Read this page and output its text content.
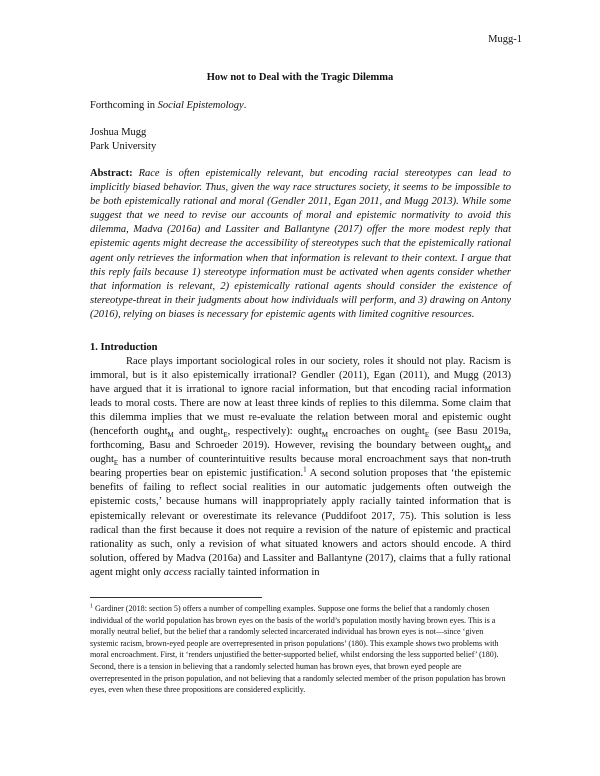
Mugg-1
How not to Deal with the Tragic Dilemma
Forthcoming in Social Epistemology.
Joshua Mugg
Park University
Abstract: Race is often epistemically relevant, but encoding racial stereotypes can lead to implicitly biased behavior. Thus, given the way race structures society, it seems to be impossible to be both epistemically rational and moral (Gendler 2011, Egan 2011, and Mugg 2013). While some suggest that we need to revise our accounts of moral and epistemic normativity to avoid this dilemma, Madva (2016a) and Lassiter and Ballantyne (2017) offer the more modest reply that epistemic agents might decrease the accessibility of stereotypes such that the epistemically rational agent only retrieves the information when that information is relevant to their context. I argue that this reply fails because 1) stereotype information must be activated when agents consider whether that information is relevant, 2) epistemically rational agents should consider the existence of stereotype-threat in their judgments about how individuals will perform, and 3) drawing on Antony (2016), relying on biases is necessary for epistemic agents with limited cognitive resources.
1. Introduction

Race plays important sociological roles in our society, roles it should not play. Racism is immoral, but is it also epistemically irrational? Gendler (2011), Egan (2011), and Mugg (2013) have argued that it is irrational to ignore racial information, but that encoding racial information leads to moral costs. There are now at least three kinds of replies to this dilemma. Some claim that this dilemma implies that we must re-evaluate the relation between moral and epistemic ought (henceforth ought$_M$ and ought$_E$, respectively): ought$_M$ encroaches on ought$_E$ (see Basu 2019a, forthcoming, Basu and Schroeder 2019). However, revising the boundary between ought$_M$ and ought$_E$ has a number of counterintuitive results because moral encroachment says that non-truth bearing properties bear on epistemic justification.$^1$ A second solution proposes that ‘the epistemic benefits of failing to reflect social realities in our automatic judgements often outweigh the epistemic costs,’ because humans will inappropriately apply racially tainted information that is epistemically relevant or overestimate its relevance (Puddifoot 2017, 75). This solution is less radical than the first because it does not require a revision of the nature of epistemic and practical rationality as such, only a revision of what situated knowers and actors should encode. A third solution, offered by Madva (2016a) and Lassiter and Ballantyne (2017), claims that a fully rational agent might only access racially tainted information in

$^1$ Gardiner (2018: section 5) offers a number of compelling examples. Suppose one forms the belief that a randomly chosen individual of the world population has brown eyes on the basis of the world’s population mostly having brown eyes. This is a morally neutral belief, but the belief that a randomly selected incarcerated individual has brown eyes is not—since ‘given systemic racism, brown-eyed people are overrepresented in prison populations’ (180). This example shows two problems with moral encroachment. First, it ‘renders unjustified the better-supported belief, whilst endorsing the less supported belief’ (180). Second, there is a tension in believing that a randomly selected human has brown eyes, that brown eyed people are overrepresented in the prison population, and not believing that a randomly selected member of the prison population has brown eyes, even when these three propositions are considered explicitly.
